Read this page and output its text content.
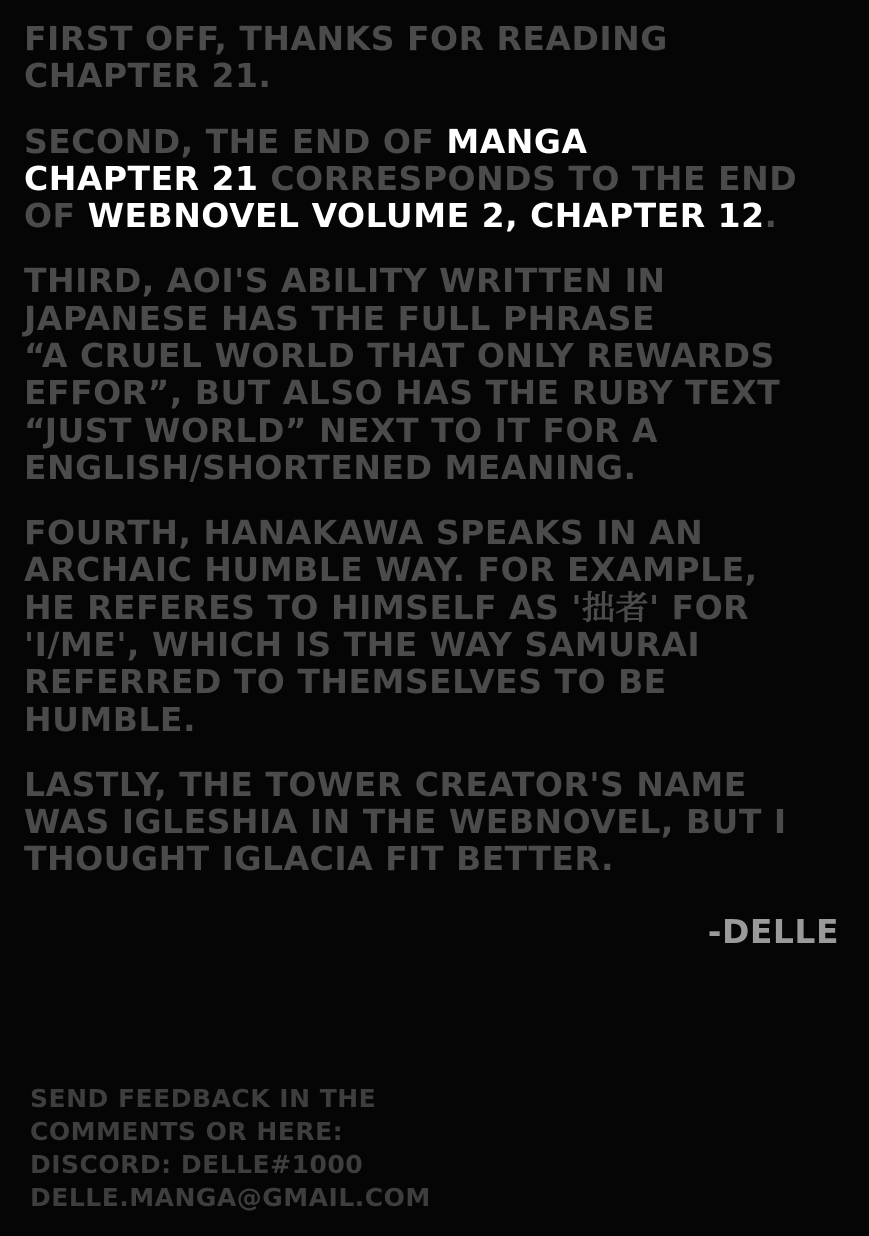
FIRST OFF, THANKS FOR READING
CHAPTER 21.

SECOND, THE END OF MANGA
CHAPTER 21 CORRESPONDS TO THE END
OF WEBNOVEL VOLUME 2, CHAPTER 12.

THIRD, AOI'S ABILITY WRITTEN IN
JAPANESE HAS THE FULL PHRASE
“A CRUEL WORLD THAT ONLY REWARDS
EFFOR”, BUT ALSO HAS THE RUBY TEXT
“JUST WORLD” NEXT TO IT FOR A
ENGLISH/SHORTENED MEANING.

FOURTH, HANAKAWA SPEAKS IN AN
ARCHAIC HUMBLE WAY. FOR EXAMPLE,
HE REFERES TO HIMSELF AS '拙者' FOR
'I/ME', WHICH IS THE WAY SAMURAI
REFERRED TO THEMSELVES TO BE
HUMBLE.

LASTLY, THE TOWER CREATOR'S NAME
WAS IGLESHIA IN THE WEBNOVEL, BUT I
THOUGHT IGLACIA FIT BETTER.

-DELLE
SEND FEEDBACK IN THE
COMMENTS OR HERE:
DISCORD: DELLE#1000
DELLE.MANGA@GMAIL.COM
